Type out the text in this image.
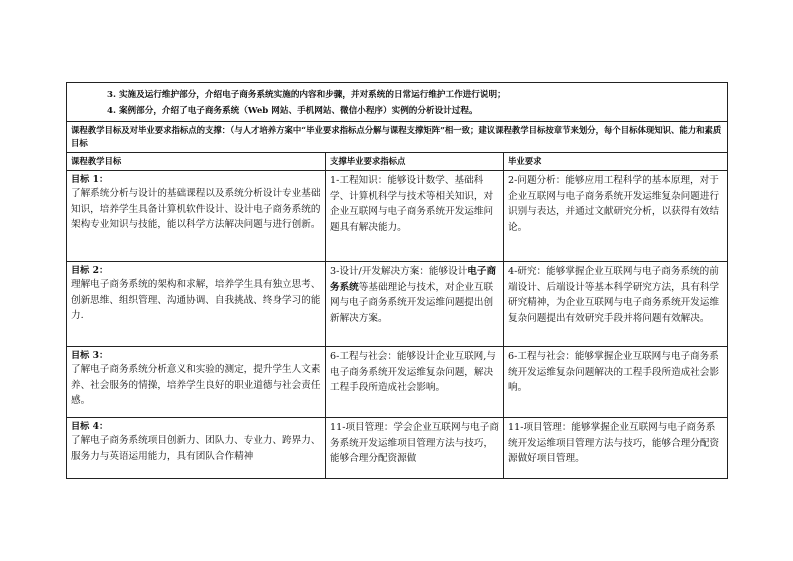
3. 实施及运行维护部分，介绍电子商务系统实施的内容和步骤，并对系统的日常运行维护工作进行说明；
4. 案例部分，介绍了电子商务系统（Web 网站、手机网站、微信小程序）实例的分析设计过程。
课程教学目标及对毕业要求指标点的支撑：（与人才培养方案中“毕业要求指标点分解与课程支撑矩阵”相一致；建议课程教学目标按章节来划分，每个目标体现知识、能力和素质目标
课程教学目标	支撑毕业要求指标点	毕业要求
目标 1：
了解系统分析与设计的基础课程以及系统分析设计专业基础知识，培养学生具备计算机软件设计、设计电子商务系统的架构专业知识与技能，能以科学方法解决问题与进行创新。
1-工程知识：能够设计数学、基础科学、计算机科学与技术等相关知识，对企业互联网与电子商务系统开发运维问题具有解决能力。
2-问题分析：能够应用工程科学的基本原理，对于企业互联网与电子商务系统开发运维复杂问题进行识别与表达，并通过文献研究分析，以获得有效结论。
目标 2：
理解电子商务系统的架构和求解，培养学生具有独立思考、创新思维、组织管理、沟通协调、自我挑战、终身学习的能力.
3-设计/开发解决方案：能够设计电子商务系统等基础理论与技术，对企业互联网与电子商务系统开发运维问题提出创新解决方案。
4-研究：能够掌握企业互联网与电子商务系统的前端设计、后端设计等基本科学研究方法，具有科学研究精神，为企业互联网与电子商务系统开发运维复杂问题提出有效研究手段并将问题有效解决。
目标 3：
了解电子商务系统分析意义和实验的测定，提升学生人文素养、社会服务的情操，培养学生良好的职业道德与社会责任感。
6-工程与社会：能够设计企业互联网,与电子商务系统开发运维复杂问题，解决工程手段所造成社会影响。
6-工程与社会：能够掌握企业互联网与电子商务系统开发运维复杂问题解决的工程手段所造成社会影响。
目标 4：
了解电子商务系统项目创新力、团队力、专业力、跨界力、服务力与英语运用能力，具有团队合作精神
11-项目管理：学会企业互联网与电子商务系统开发运维项目管理方法与技巧，能够合理分配资源做
11-项目管理：能够掌握企业互联网与电子商务系统开发运维项目管理方法与技巧，能够合理分配资源做好项目管理。
